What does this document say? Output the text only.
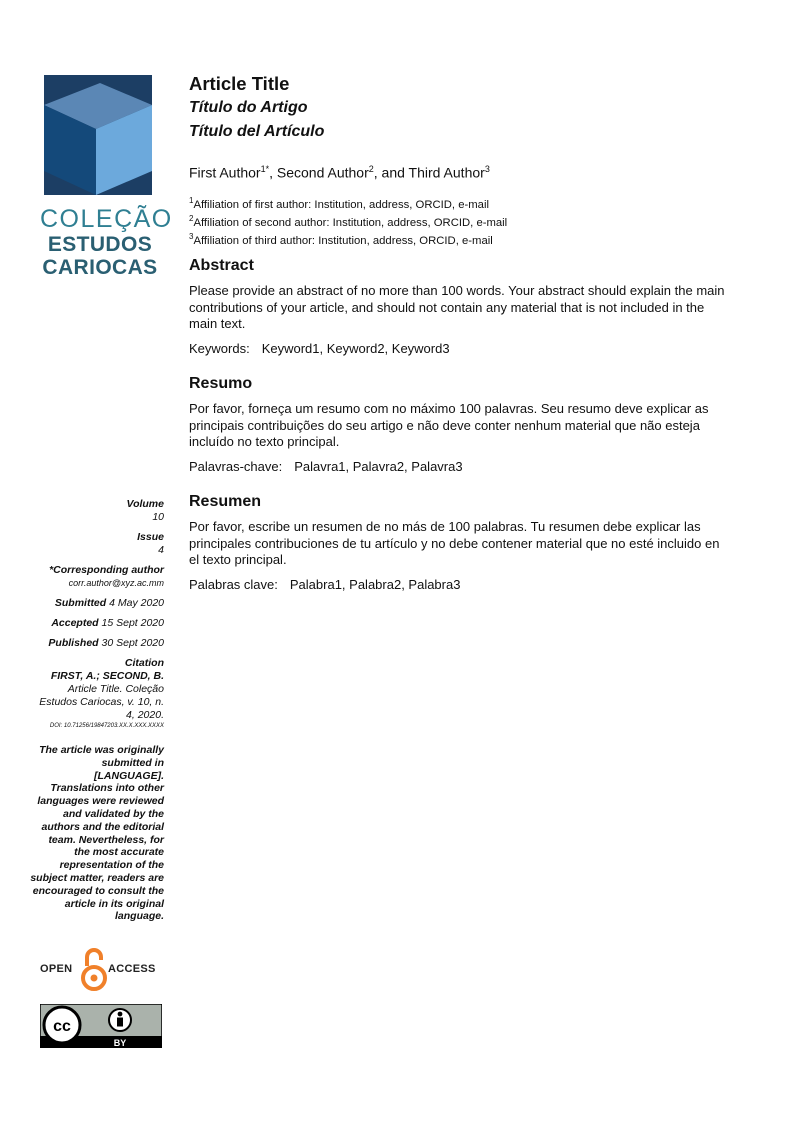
COLEÇÃO
ESTUDOS
CARIOCAS
Volume
10
Issue
4
*Corresponding author
corr.author@xyz.ac.mm
Submitted 4 May 2020
Accepted 15 Sept 2020
Published 30 Sept 2020
Citation
FIRST, A.; SECOND, B.
Article Title. Coleção Estudos Cariocas, v. 10, n. 4, 2020.
DOI: 10.71256/19847203.XX.X.XXX.XXXX
The article was originally submitted in [LANGUAGE]. Translations into other languages were reviewed and validated by the authors and the editorial team. Nevertheless, for the most accurate representation of the subject matter, readers are encouraged to consult the article in its original language.
OPEN	ACCESS
cc
BY
Article Title
Título do Artigo
Título del Artículo
First Author$^{1*}$, Second Author$^2$, and Third Author$^3$
$^1$Affiliation of first author: Institution, address, ORCID, e-mail
$^2$Affiliation of second author: Institution, address, ORCID, e-mail
$^3$Affiliation of third author: Institution, address, ORCID, e-mail
Abstract

Please provide an abstract of no more than 100 words. Your abstract should explain the main contributions of your article, and should not contain any material that is not included in the main text.

Keywords: Keyword1, Keyword2, Keyword3
Resumo

Por favor, forneça um resumo com no máximo 100 palavras. Seu resumo deve explicar as principais contribuições do seu artigo e não deve conter nenhum material que não esteja incluído no texto principal.

Palavras-chave: Palavra1, Palavra2, Palavra3
Resumen

Por favor, escribe un resumen de no más de 100 palabras. Tu resumen debe explicar las principales contribuciones de tu artículo y no debe contener material que no esté incluido en el texto principal.

Palabras clave: Palabra1, Palabra2, Palabra3
